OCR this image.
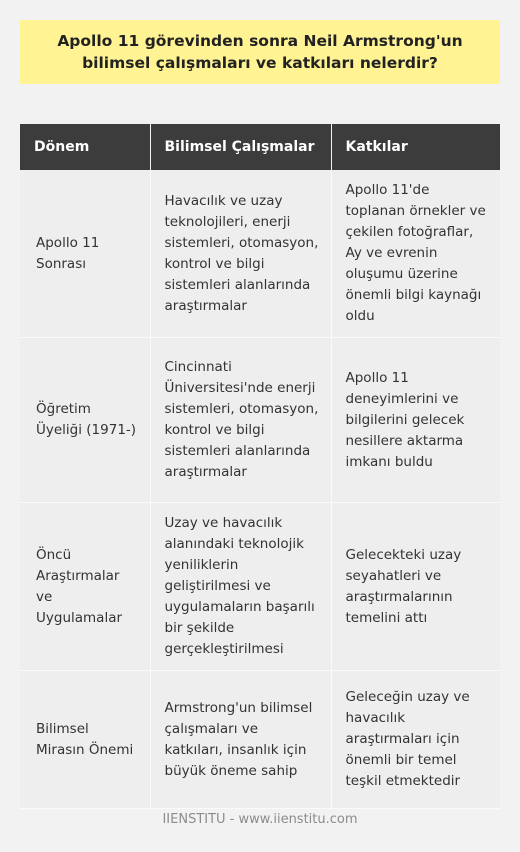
Apollo 11 görevinden sonra Neil Armstrong'un bilimsel çalışmaları ve katkıları nelerdir?
Dönem	Bilimsel Çalışmalar	Katkılar
Apollo 11 Sonrası	Havacılık ve uzay teknolojileri, enerji sistemleri, otomasyon, kontrol ve bilgi sistemleri alanlarında araştırmalar	Apollo 11'de toplanan örnekler ve çekilen fotoğraflar, Ay ve evrenin oluşumu üzerine önemli bilgi kaynağı oldu
Öğretim Üyeliği (1971-)	Cincinnati Üniversitesi'nde enerji sistemleri, otomasyon, kontrol ve bilgi sistemleri alanlarında araştırmalar	Apollo 11 deneyimlerini ve bilgilerini gelecek nesillere aktarma imkanı buldu
Öncü Araştırmalar ve Uygulamalar	Uzay ve havacılık alanındaki teknolojik yeniliklerin geliştirilmesi ve uygulamaların başarılı bir şekilde gerçekleştirilmesi	Gelecekteki uzay seyahatleri ve araştırmalarının temelini attı
Bilimsel Mirasın Önemi	Armstrong'un bilimsel çalışmaları ve katkıları, insanlık için büyük öneme sahip	Geleceğin uzay ve havacılık araştırmaları için önemli bir temel teşkil etmektedir
IIENSTITU - www.iienstitu.com
